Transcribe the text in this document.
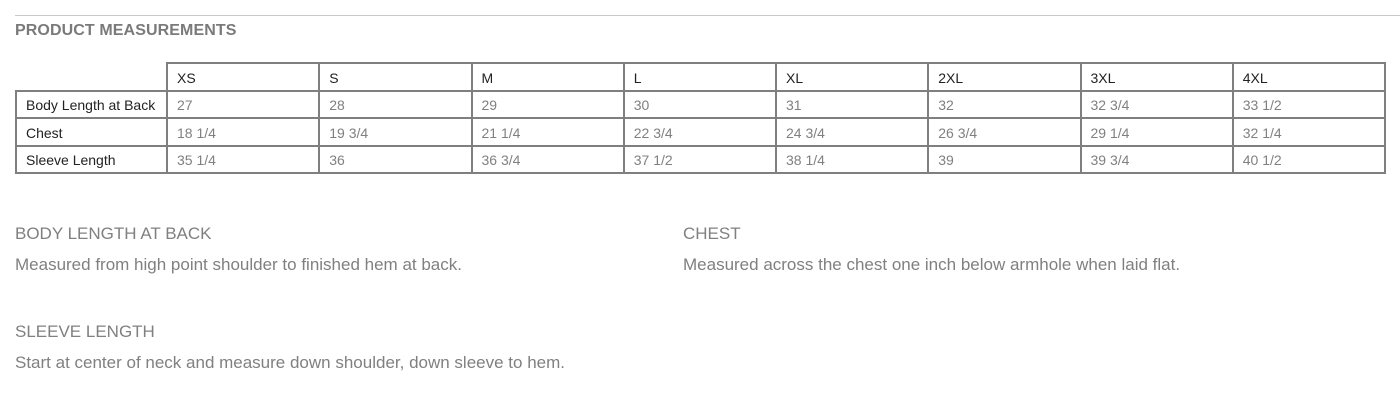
PRODUCT MEASUREMENTS
	XS	S	M	L	XL	2XL	3XL	4XL
Body Length at Back	27	28	29	30	31	32	32 3/4	33 1/2
Chest	18 1/4	19 3/4	21 1/4	22 3/4	24 3/4	26 3/4	29 1/4	32 1/4
Sleeve Length	35 1/4	36	36 3/4	37 1/2	38 1/4	39	39 3/4	40 1/2
BODY LENGTH AT BACK
Measured from high point shoulder to finished hem at back.
CHEST
Measured across the chest one inch below armhole when laid flat.
SLEEVE LENGTH
Start at center of neck and measure down shoulder, down sleeve to hem.
